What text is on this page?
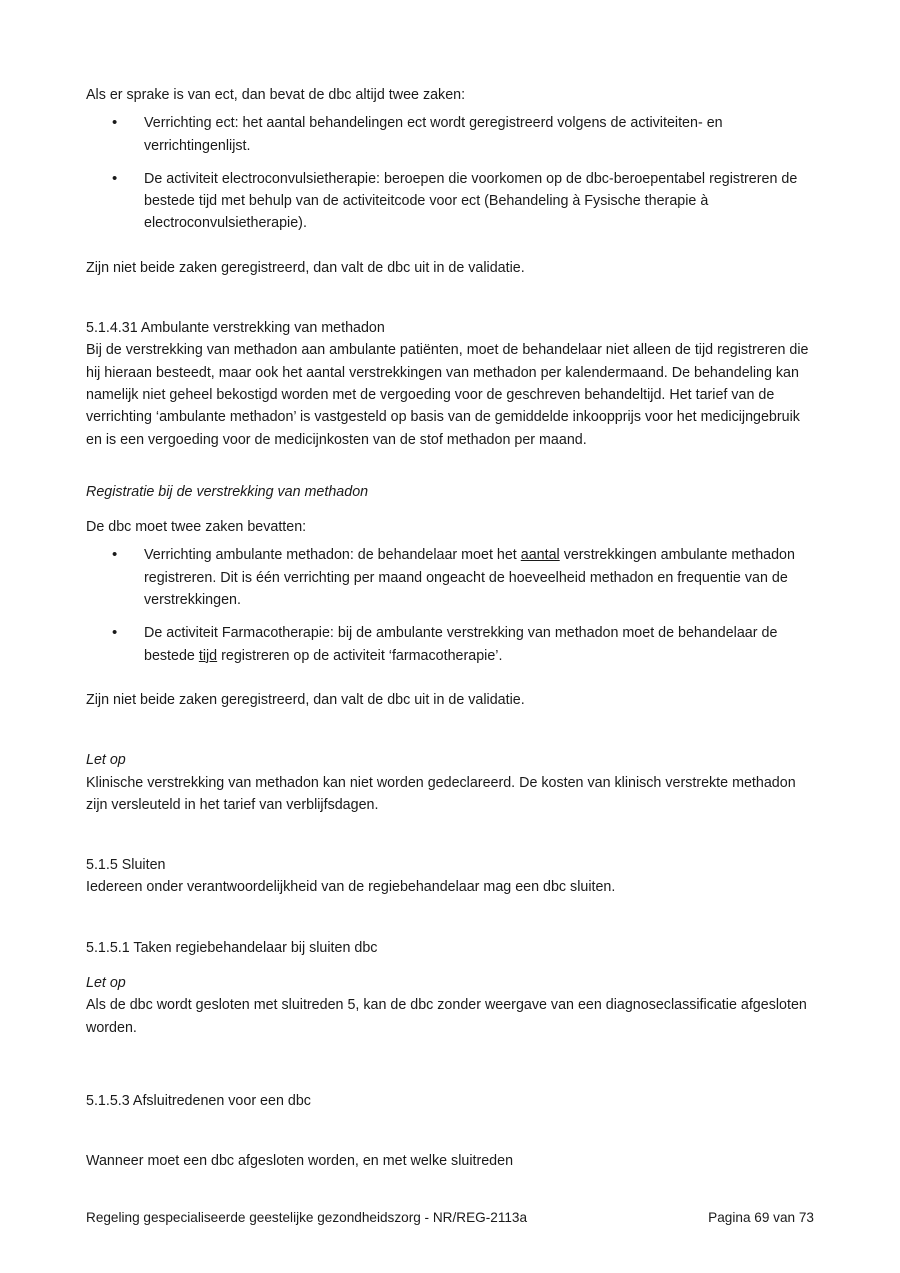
Als er sprake is van ect, dan bevat de dbc altijd twee zaken:

• Verrichting ect: het aantal behandelingen ect wordt geregistreerd volgens de activiteiten- en verrichtingenlijst.
• De activiteit electroconvulsietherapie: beroepen die voorkomen op de dbc-beroepentabel registreren de bestede tijd met behulp van de activiteitcode voor ect (Behandeling à Fysische therapie à electroconvulsietherapie).

Zijn niet beide zaken geregistreerd, dan valt de dbc uit in de validatie.

5.1.4.31 Ambulante verstrekking van methadon

Bij de verstrekking van methadon aan ambulante patiënten, moet de behandelaar niet alleen de tijd registreren die hij hieraan besteedt, maar ook het aantal verstrekkingen van methadon per kalendermaand. De behandeling kan namelijk niet geheel bekostigd worden met de vergoeding voor de geschreven behandeltijd. Het tarief van de verrichting ‘ambulante methadon’ is vastgesteld op basis van de gemiddelde inkoopprijs voor het medicijngebruik en is een vergoeding voor de medicijnkosten van de stof methadon per maand.

Registratie bij de verstrekking van methadon

De dbc moet twee zaken bevatten:

• Verrichting ambulante methadon: de behandelaar moet het aantal verstrekkingen ambulante methadon registreren. Dit is één verrichting per maand ongeacht de hoeveelheid methadon en frequentie van de verstrekkingen.
• De activiteit Farmacotherapie: bij de ambulante verstrekking van methadon moet de behandelaar de bestede tijd registreren op de activiteit ‘farmacotherapie’.

Zijn niet beide zaken geregistreerd, dan valt de dbc uit in de validatie.

Let op

Klinische verstrekking van methadon kan niet worden gedeclareerd. De kosten van klinisch verstrekte methadon zijn versleuteld in het tarief van verblijfsdagen.

5.1.5 Sluiten

Iedereen onder verantwoordelijkheid van de regiebehandelaar mag een dbc sluiten.

5.1.5.1 Taken regiebehandelaar bij sluiten dbc

Let op

Als de dbc wordt gesloten met sluitreden 5, kan de dbc zonder weergave van een diagnoseclassificatie afgesloten worden.

5.1.5.3 Afsluitredenen voor een dbc

Wanneer moet een dbc afgesloten worden, en met welke sluitreden

Regeling gespecialiseerde geestelijke gezondheidszorg - NR/REG-2113a	Pagina 69 van 73
